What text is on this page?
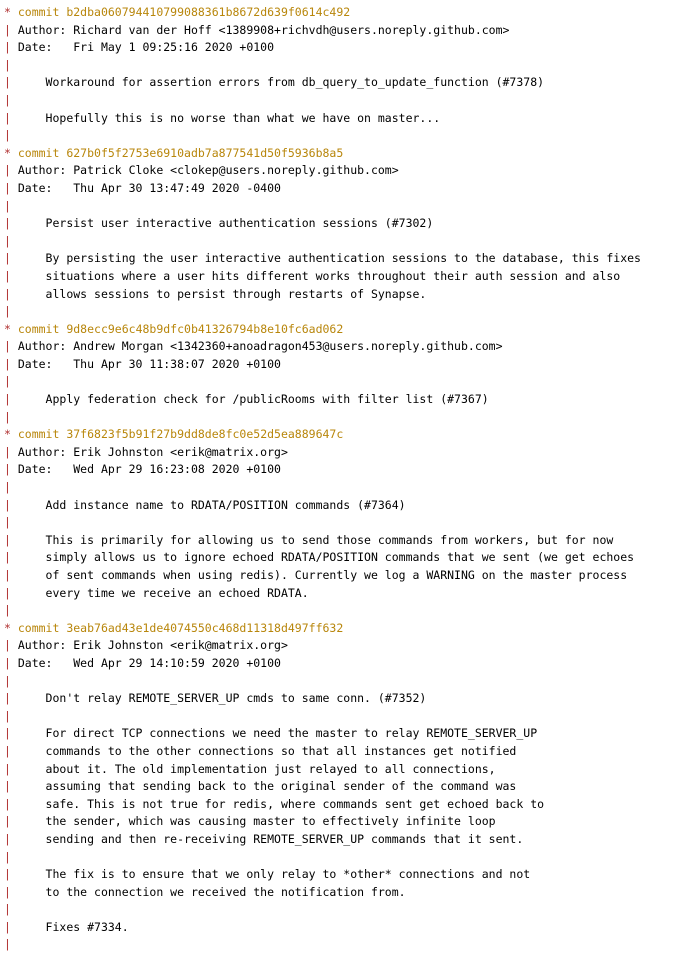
* commit b2dba060794410799088361b8672d639f0614c492
| Author: Richard van der Hoff <1389908+richvdh@users.noreply.github.com>
| Date:   Fri May 1 09:25:16 2020 +0100
|
|     Workaround for assertion errors from db_query_to_update_function (#7378)
|
|     Hopefully this is no worse than what we have on master...
|
* commit 627b0f5f2753e6910adb7a877541d50f5936b8a5
| Author: Patrick Cloke <clokep@users.noreply.github.com>
| Date:   Thu Apr 30 13:47:49 2020 -0400
|
|     Persist user interactive authentication sessions (#7302)
|
|     By persisting the user interactive authentication sessions to the database, this fixes
|     situations where a user hits different works throughout their auth session and also
|     allows sessions to persist through restarts of Synapse.
|
* commit 9d8ecc9e6c48b9dfc0b41326794b8e10fc6ad062
| Author: Andrew Morgan <1342360+anoadragon453@users.noreply.github.com>
| Date:   Thu Apr 30 11:38:07 2020 +0100
|
|     Apply federation check for /publicRooms with filter list (#7367)
|
* commit 37f6823f5b91f27b9dd8de8fc0e52d5ea889647c
| Author: Erik Johnston <erik@matrix.org>
| Date:   Wed Apr 29 16:23:08 2020 +0100
|
|     Add instance name to RDATA/POSITION commands (#7364)
|
|     This is primarily for allowing us to send those commands from workers, but for now
|     simply allows us to ignore echoed RDATA/POSITION commands that we sent (we get echoes
|     of sent commands when using redis). Currently we log a WARNING on the master process
|     every time we receive an echoed RDATA.
|
* commit 3eab76ad43e1de4074550c468d11318d497ff632
| Author: Erik Johnston <erik@matrix.org>
| Date:   Wed Apr 29 14:10:59 2020 +0100
|
|     Don't relay REMOTE_SERVER_UP cmds to same conn. (#7352)
|
|     For direct TCP connections we need the master to relay REMOTE_SERVER_UP
|     commands to the other connections so that all instances get notified
|     about it. The old implementation just relayed to all connections,
|     assuming that sending back to the original sender of the command was
|     safe. This is not true for redis, where commands sent get echoed back to
|     the sender, which was causing master to effectively infinite loop
|     sending and then re-receiving REMOTE_SERVER_UP commands that it sent.
|
|     The fix is to ensure that we only relay to *other* connections and not
|     to the connection we received the notification from.
|
|     Fixes #7334.
|
